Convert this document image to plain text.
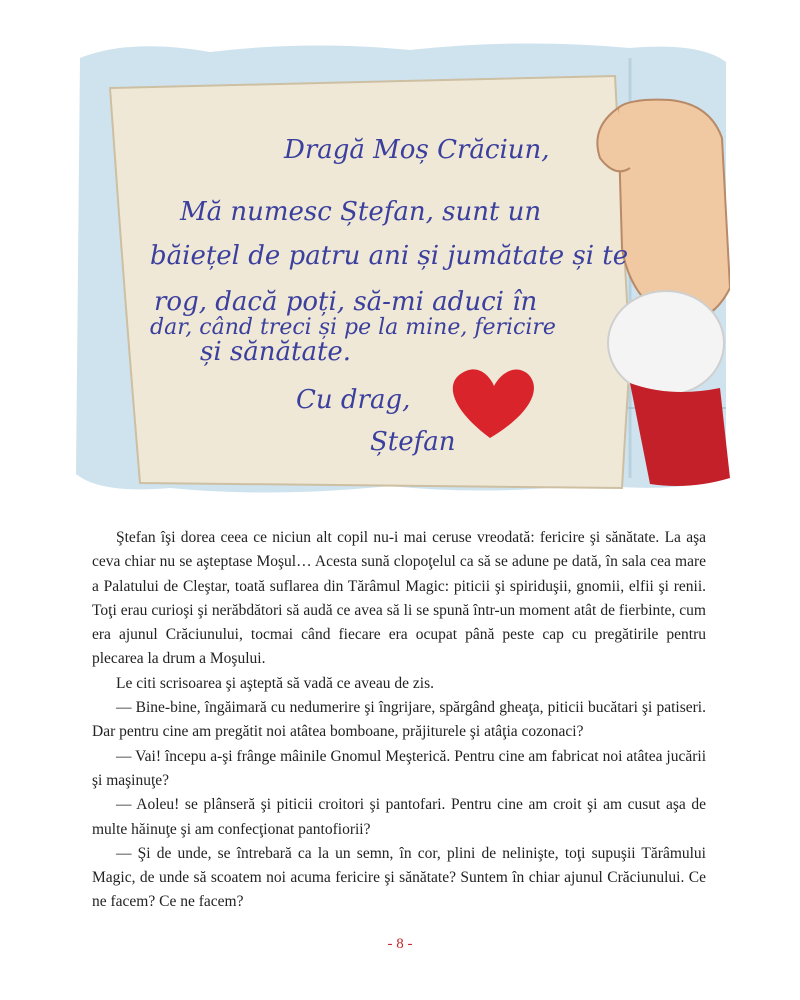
Dragă Moș Crăciun,
Mă numesc Ștefan, sunt un
băiețel de patru ani și jumătate și te
rog, dacă poți, să-mi aduci în
dar, când treci și pe la mine, fericire
și sănătate.
Cu drag,
Ștefan

Ştefan îşi dorea ceea ce niciun alt copil nu-i mai ceruse vreodată: fericire şi sănătate. La aşa ceva chiar nu se aşteptase Moşul… Acesta sună clopoţelul ca să se adune pe dată, în sala cea mare a Palatului de Cleştar, toată suflarea din Tărâmul Magic: piticii şi spiriduşii, gnomii, elfii şi renii. Toţi erau curioşi şi nerăbdători să audă ce avea să li se spună într-un moment atât de fierbinte, cum era ajunul Crăciunului, tocmai când fiecare era ocupat până peste cap cu pregătirile pentru plecarea la drum a Moşului.

Le citi scrisoarea şi aşteptă să vadă ce aveau de zis.

— Bine-bine, îngăimară cu nedumerire şi îngrijare, spărgând gheaţa, piticii bucătari şi patiseri. Dar pentru cine am pregătit noi atâtea bomboane, prăjiturele şi atâţia cozonaci?

— Vai! începu a-şi frânge mâinile Gnomul Meşterică. Pentru cine am fabricat noi atâtea jucării şi maşinuţe?

— Aoleu! se plânseră şi piticii croitori şi pantofari. Pentru cine am croit şi am cusut aşa de multe hăinuţe şi am confecţionat pantofiorii?

— Şi de unde, se întrebară ca la un semn, în cor, plini de nelinişte, toţi supuşii Tărâmului Magic, de unde să scoatem noi acuma fericire şi sănătate? Suntem în chiar ajunul Crăciunului. Ce ne facem? Ce ne facem?

- 8 -
